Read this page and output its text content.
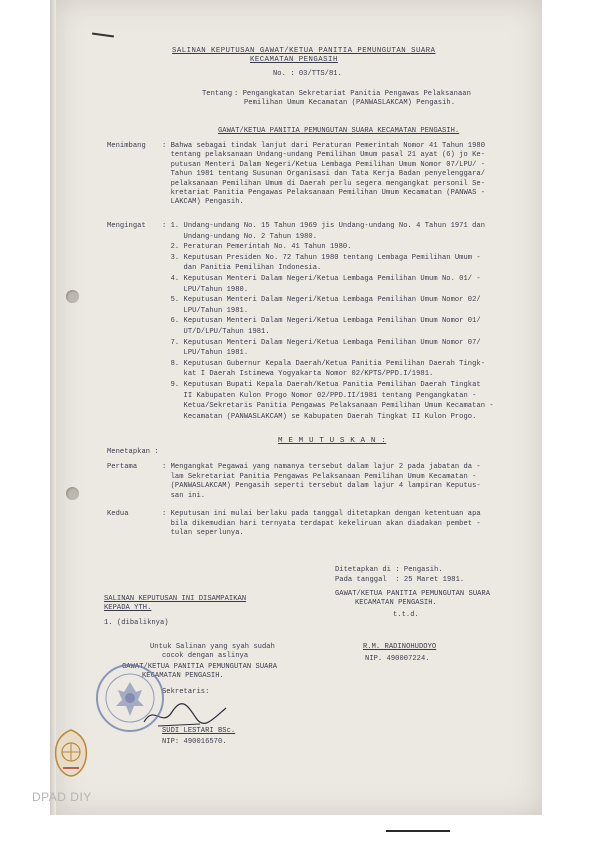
SALINAN KEPUTUSAN GAWAT/KETUA PANITIA PEMUNGUTAN SUARA
KECAMATAN PENGASIH
No. : 03/TTS/81.
Tentang : Pengangkatan Sekretariat Panitia Pengawas Pelaksanaan
Pemilihan Umum Kecamatan (PANWASLAKCAM) Pengasih.
GAWAT/KETUA PANITIA PEMUNGUTAN SUARA KECAMATAN PENGASIH.
Menimbang : Bahwa sebagai tindak lanjut dari Peraturan Pemerintah Nomor 41 Tahun 1980
tentang pelaksanaan Undang-undang Pemilihan Umum pasal 21 ayat (6) jo Ke-
putusan Menteri Dalam Negeri/Ketua Lembaga Pemilihan Umum Nomor 07/LPU/ -
Tahun 1981 tentang Susunan Organisasi dan Tata Kerja Badan penyelenggara/
pelaksanaan Pemilihan Umum di Daerah perlu segera mengangkat personil Se-
kretariat Panitia Pengawas Pelaksanaan Pemilihan Umum Kecamatan (PANWAS -
LAKCAM) Pengasih.
Mengingat : 1. Undang-undang No. 15 Tahun 1969 jis Undang-undang No. 4 Tahun 1971 dan
Undang-undang No. 2 Tahun 1980.
2. Peraturan Pemerintah No. 41 Tahun 1980.
3. Keputusan Presiden No. 72 Tahun 1980 tentang Lembaga Pemilihan Umum -
dan Panitia Pemilihan Indonesia.
4. Keputusan Menteri Dalam Negeri/Ketua Lembaga Pemilihan Umum No. 01/ -
LPU/Tahun 1980.
5. Keputusan Menteri Dalam Negeri/Ketua Lembaga Pemilihan Umum Nomor 02/
LPU/Tahun 1981.
6. Keputusan Menteri Dalam Negeri/Ketua Lembaga Pemilihan Umum Nomor 01/
UT/D/LPU/Tahun 1981.
7. Keputusan Menteri Dalam Negeri/Ketua Lembaga Pemilihan Umum Nomor 07/
LPU/Tahun 1981.
8. Keputusan Gubernur Kepala Daerah/Ketua Panitia Pemilihan Daerah Tingk-
kat I Daerah Istimewa Yogyakarta Nomor 02/KPTS/PPD.I/1981.
9. Keputusan Bupati Kepala Daerah/Ketua Panitia Pemilihan Daerah Tingkat
II Kabupaten Kulon Progo Nomor 02/PPD.II/1981 tentang Pengangkatan -
Ketua/Sekretaris Panitia Pengawas Pelaksanaan Pemilihan Umum Kecamatan -
Kecamatan (PANWASLAKCAM) se Kabupaten Daerah Tingkat II Kulon Progo.
M E M U T U S K A N :
Menetapkan :
Pertama	: Mengangkat Pegawai yang namanya tersebut dalam lajur 2 pada jabatan da -
lam Sekretariat Panitia Pengawas Pelaksanaan Pemilihan Umum Kecamatan -
(PANWASLAKCAM) Pengasih seperti tersebut dalam lajur 4 lampiran Keputus-
san ini.
Kedua	: Keputusan ini mulai berlaku pada tanggal ditetapkan dengan ketentuan apa
bila dikemudian hari ternyata terdapat kekeliruan akan diadakan pembet -
tulan seperlunya.
Ditetapkan di : Pengasih.
Pada tanggal  : 25 Maret 1981.
GAWAT/KETUA PANITIA PEMUNGUTAN SUARA
KECAMATAN PENGASIH.
t.t.d.
R.M. RADINOHUDOYO
NIP. 490007224.
SALINAN KEPUTUSAN INI DISAMPAIKAN
KEPADA YTH.
1. (dibaliknya)
Untuk Salinan yang syah sudah
cocok dengan aslinya
GAWAT/KETUA PANITIA PEMUNGUTAN SUARA
KECAMATAN PENGASIH.
Sekretaris:
SUDI LESTARI BSc.
NIP: 490016570.
DPAD DIY
